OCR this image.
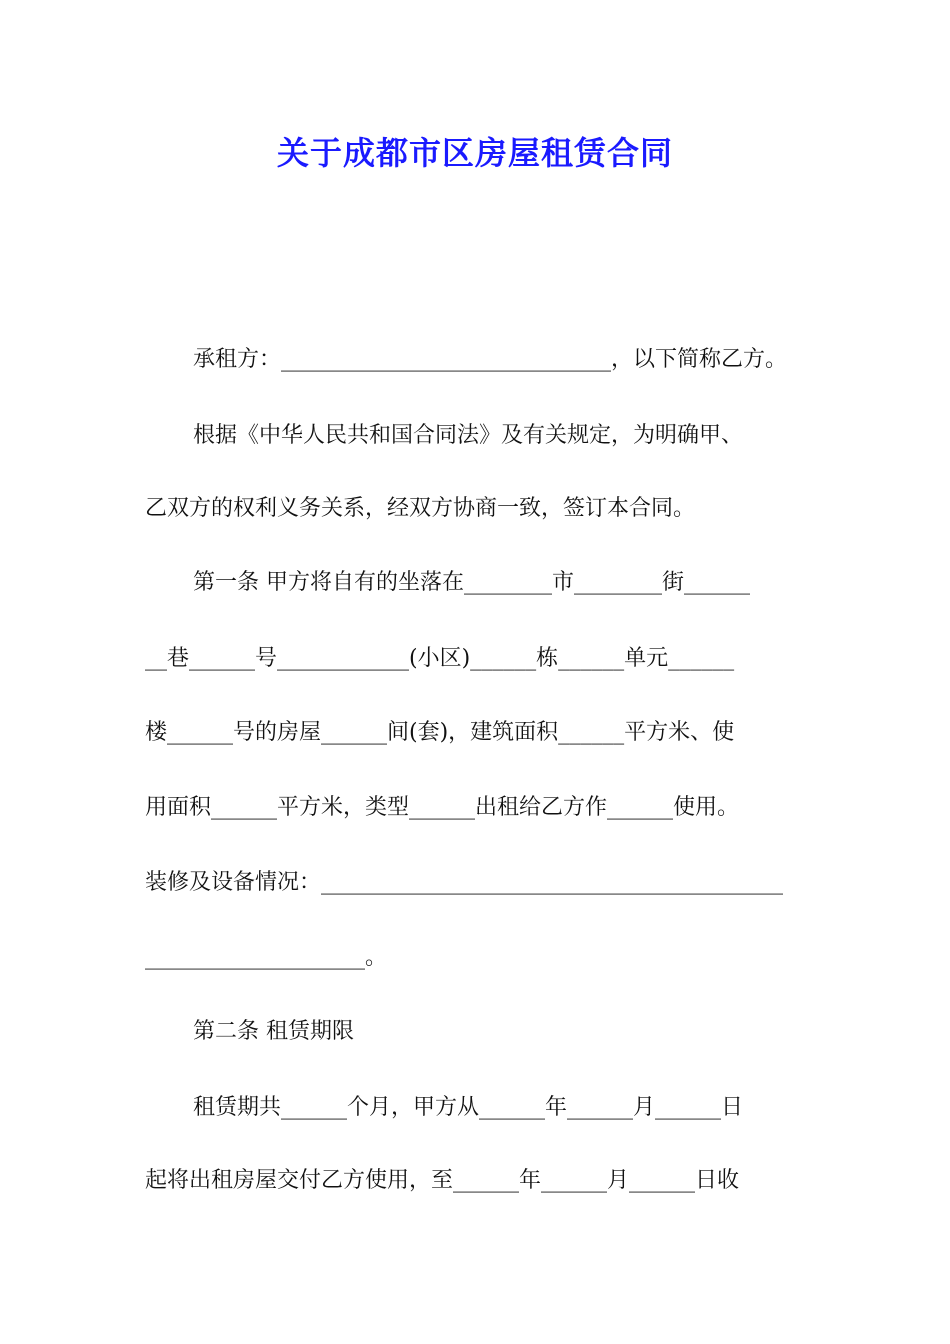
关于成都市区房屋租赁合同
承租方：______________________________，以下简称乙方。
根据《中华人民共和国合同法》及有关规定，为明确甲、
乙双方的权利义务关系，经双方协商一致，签订本合同。
第一条 甲方将自有的坐落在________市________街______
__巷______号____________(小区)______栋______单元______
楼______号的房屋______间(套)，建筑面积______平方米、使
用面积______平方米，类型______出租给乙方作______使用。
装修及设备情况：__________________________________________
____________________。
第二条 租赁期限
租赁期共______个月，甲方从______年______月______日
起将出租房屋交付乙方使用，至______年______月______日收
